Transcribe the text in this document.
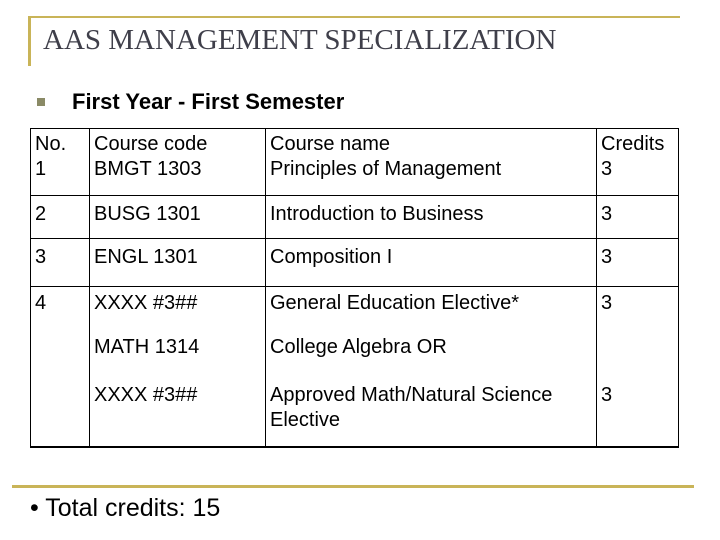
AAS MANAGEMENT SPECIALIZATION
First Year - First Semester
No.	Course code	Course name	Credits
1	BMGT 1303	Principles of Management	3
2	BUSG 1301	Introduction to Business	3
3	ENGL 1301	Composition I	3
4	XXXX #3##	General Education Elective*	3
	MATH 1314	College Algebra OR	
	XXXX #3##	Approved Math/Natural Science Elective	3
• Total credits: 15
